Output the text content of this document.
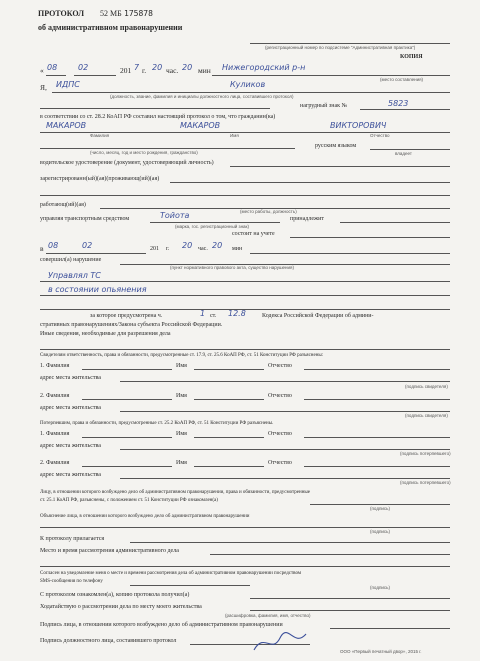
ПРОТОКОЛ 52 МБ 175878
об административном правонарушении
(регистрационный номер по подсистеме "Административная практика")
КОПИЯ
« 08	02	201 7 г. 20 час. 20 мин Нижегородский р-н
(место составления)
Я, ИДПС	Куликов
(должность, звание, фамилия и инициалы должностного лица, составившего протокол)
нагрудный знак №	5823
в соответствии со ст. 28.2 КоАП РФ составил настоящий протокол о том, что гражданин(ка)
МАКАРОВ	МАКАРОВ	ВИКТОРОВИЧ
Фамилия	Имя	Отчество
русским языком
(число, месяц, год и место рождения, гражданство)	владеет
водительское удостоверение (документ, удостоверяющий личность)
зарегистрированн(ый)(ая)(проживающ(ий)(ая)
работающ(ий)(ая)
(место работы, должность)
управляя транспортным средством	Тойота	принадлежит
(марка, гос. регистрационный знак)
состоит на учете
в 08	02	201 г. 20 час. 20 мин
совершил(а) нарушение
(пункт нормативного правового акта, существо нарушения)
Управлял ТС
в состоянии опьянения
за которое предусмотрена ч.	1 ст. 12.8	Кодекса Российской Федерации об админи-
стративных правонарушениях/Закона субъекта Российской Федерации.
Иные сведения, необходимые для разрешения дела
Свидетелям ответственность, права и обязанности, предусмотренные ст. 17.9, ст. 25.6 КоАП РФ, ст. 51 Конституции РФ разъяснены:
1. Фамилия	Имя	Отчество
адрес места жительства
(подпись свидетеля)
2. Фамилия	Имя	Отчество
адрес места жительства
(подпись свидетеля)
Потерпевшим, права и обязанности, предусмотренные ст. 25.2 КоАП РФ, ст. 51 Конституции РФ разъяснены.
1. Фамилия	Имя	Отчество
адрес места жительства
(подпись потерпевшего)
2. Фамилия	Имя	Отчество
адрес места жительства
(подпись потерпевшего)
Лицу, в отношении которого возбуждено дело об административном правонарушении, права и обязанности, предусмотренные
ст. 25.1 КоАП РФ, разъяснены, с положением ст. 51 Конституции РФ ознакомлен(а)
(подпись)
Объяснение лица, в отношении которого возбуждено дело об административном правонарушении
(подпись)
К протоколу прилагается
Место и время рассмотрения административного дела
Согласен на уведомление меня о месте и времени рассмотрения дела об административном правонарушении посредством
SMS-сообщения по телефону
(подпись)
С протоколом ознакомлен(а), копию протокола получил(а)
Ходатайствую о рассмотрении дела по месту моего жительства
(расшифровка, фамилия, имя, отчество)
Подпись лица, в отношении которого возбуждено дело об административном правонарушении
Подпись должностного лица, составившего протокол
ООО «Первый печатный двор», 2015 г.
